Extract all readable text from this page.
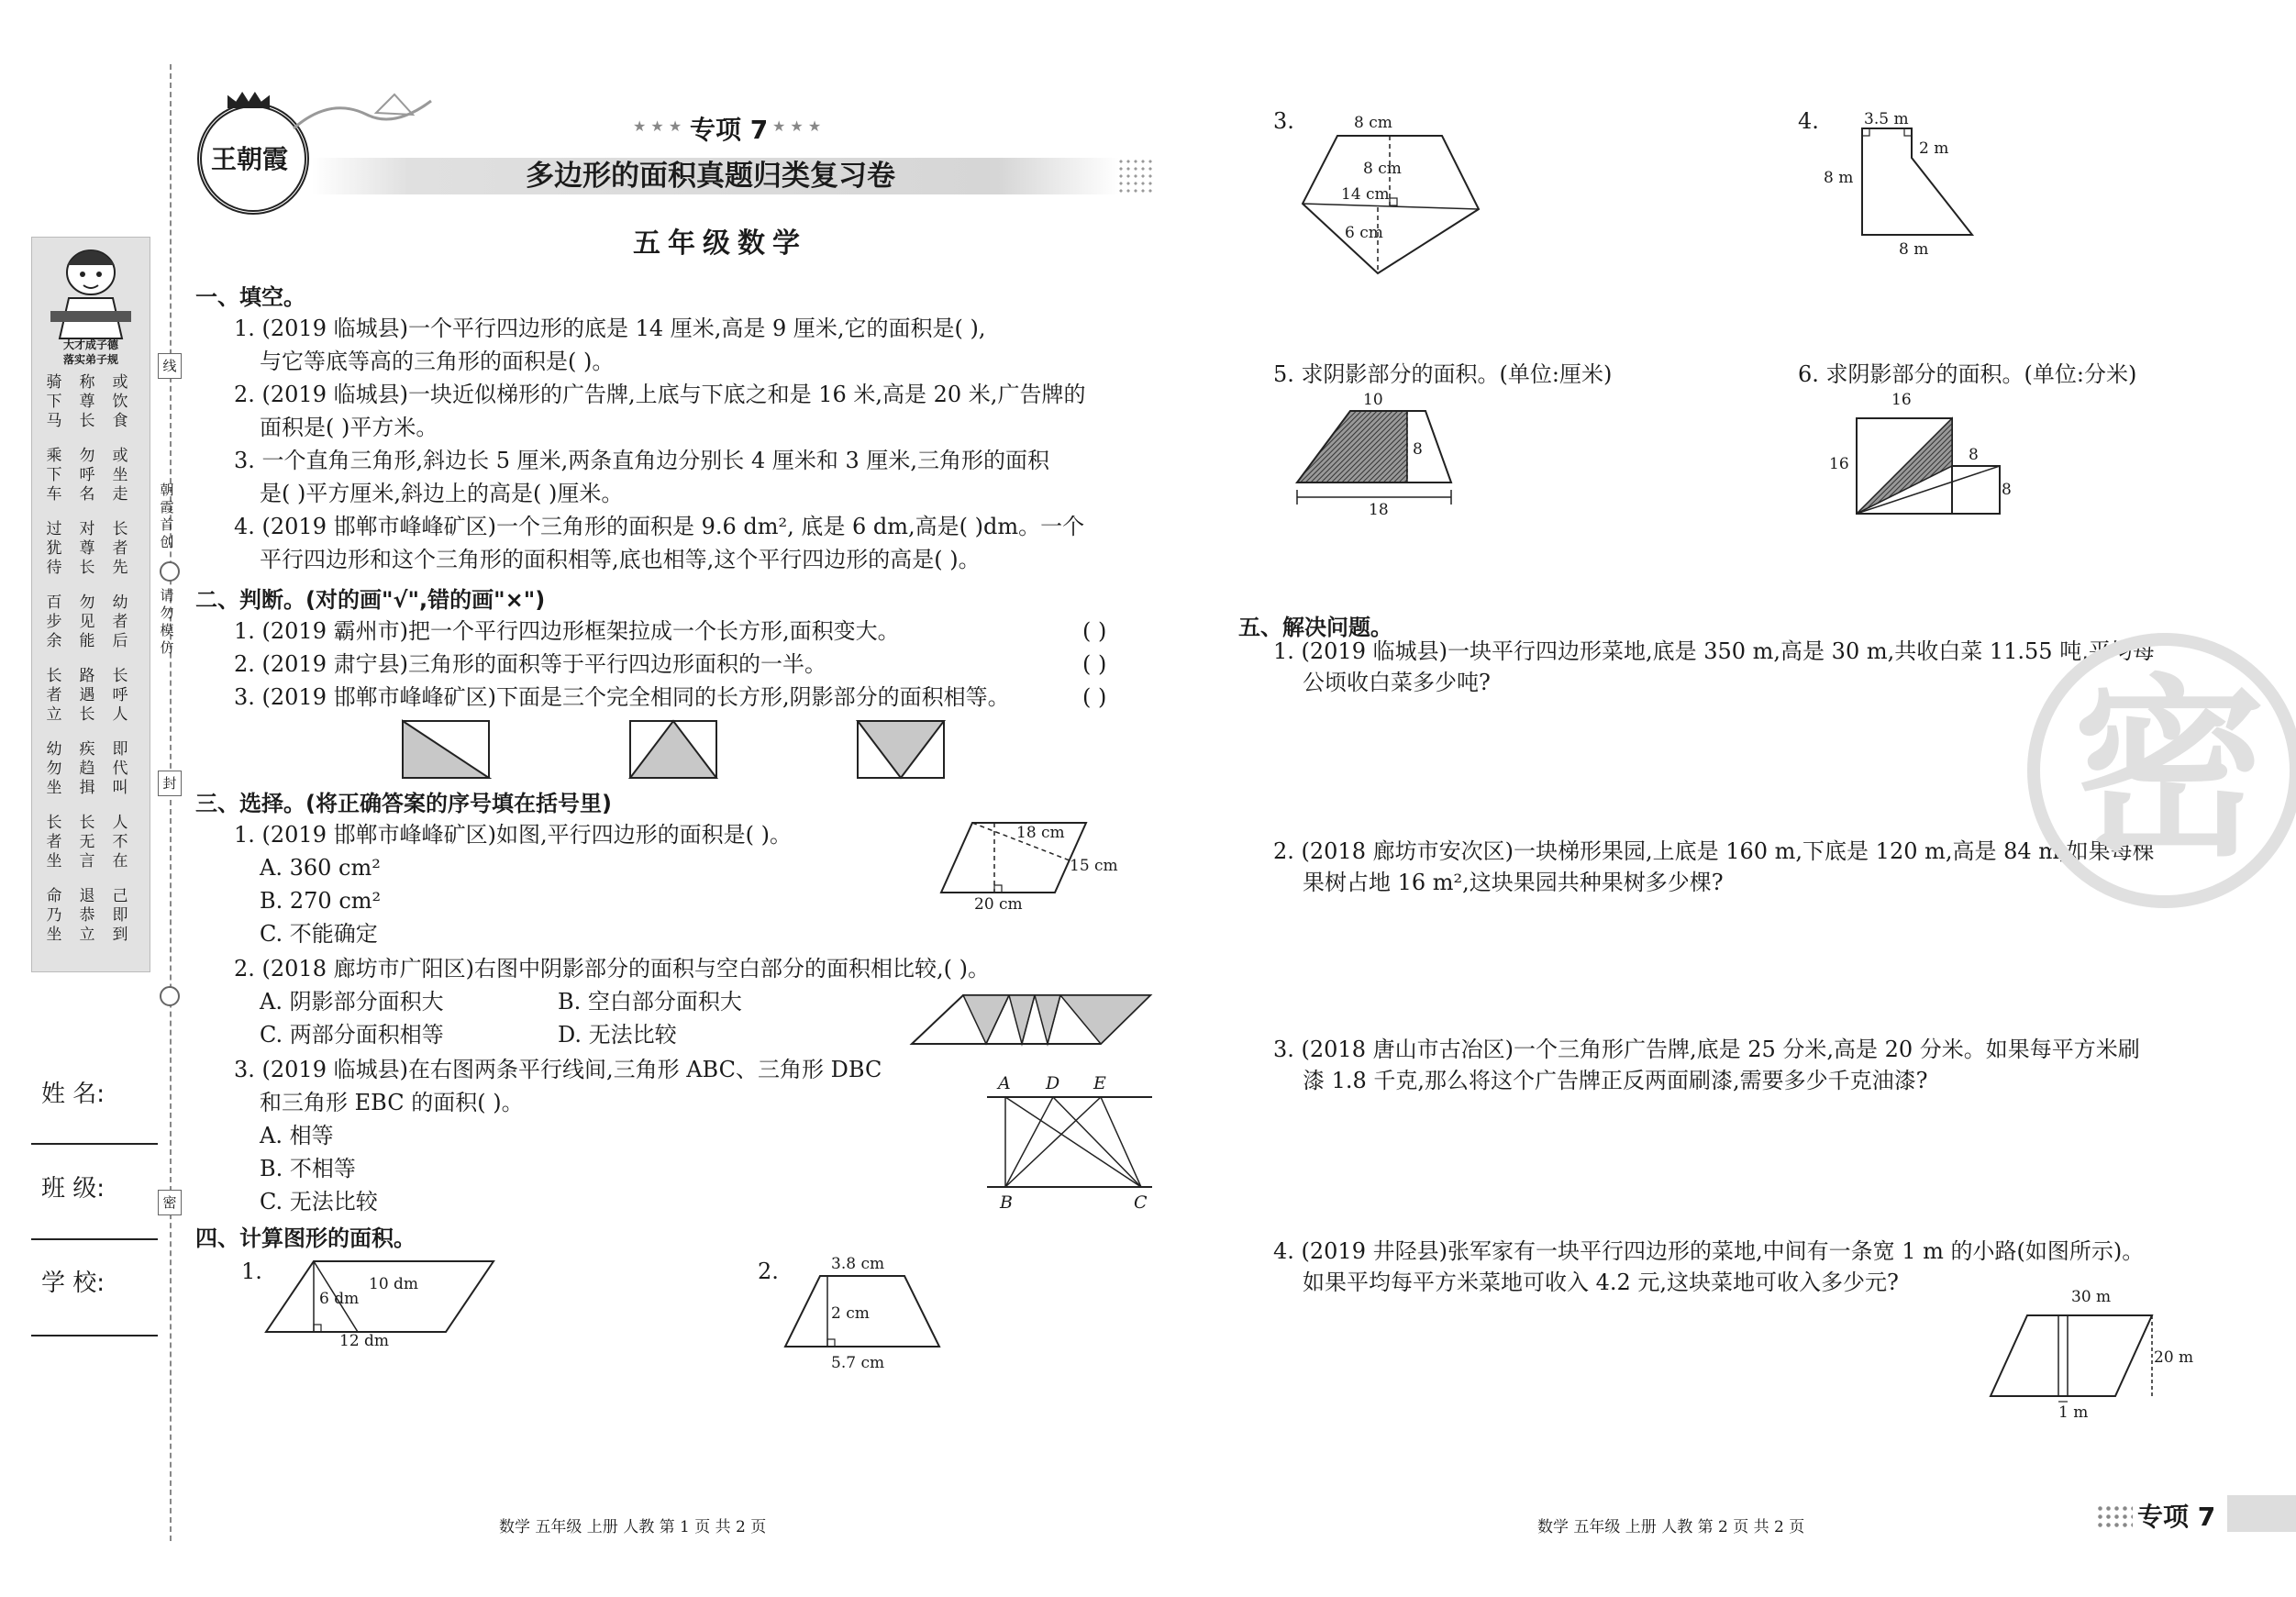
线
朝霞首创
请勿模仿
封
密
大才成子德
落实弟子规
骑下马
乘下车
过犹待
百步余
长者立
幼勿坐
长者坐
命乃坐
称尊长
勿呼名
对尊长
勿见能
路遇长
疾趋揖
长无言
退恭立
或饮食
或坐走
长者先
幼者后
长呼人
即代叫
人不在
己即到
姓 名:
班 级:
学 校:
王朝霞
★ ★ ★ 专项 7 ★ ★ ★
多边形的面积真题归类复习卷
五年级数学
一、填空。
1. (2019 临城县)一个平行四边形的底是 14 厘米,高是 9 厘米,它的面积是( ),
与它等底等高的三角形的面积是( )。
2. (2019 临城县)一块近似梯形的广告牌,上底与下底之和是 16 米,高是 20 米,广告牌的
面积是( )平方米。
3. 一个直角三角形,斜边长 5 厘米,两条直角边分别长 4 厘米和 3 厘米,三角形的面积
是( )平方厘米,斜边上的高是( )厘米。
4. (2019 邯郸市峰峰矿区)一个三角形的面积是 9.6 dm², 底是 6 dm,高是( )dm。一个
平行四边形和这个三角形的面积相等,底也相等,这个平行四边形的高是( )。
二、判断。(对的画"√",错的画"×")
1. (2019 霸州市)把一个平行四边形框架拉成一个长方形,面积变大。	( )
2. (2019 肃宁县)三角形的面积等于平行四边形面积的一半。	( )
3. (2019 邯郸市峰峰矿区)下面是三个完全相同的长方形,阴影部分的面积相等。	( )
三、选择。(将正确答案的序号填在括号里)
1. (2019 邯郸市峰峰矿区)如图,平行四边形的面积是( )。
A. 360 cm²
B. 270 cm²
C. 不能确定
18 cm
15 cm
20 cm
2. (2018 廊坊市广阳区)右图中阴影部分的面积与空白部分的面积相比较,( )。
A. 阴影部分面积大	B. 空白部分面积大
C. 两部分面积相等	D. 无法比较
3. (2019 临城县)在右图两条平行线间,三角形 ABC、三角形 DBC
和三角形 EBC 的面积( )。
A. 相等
B. 不相等
C. 无法比较
A D E
B	C
四、计算图形的面积。
1.
6 dm
10 dm
12 dm
2.	3.8 cm
2 cm
5.7 cm
3.	8 cm
8 cm
14 cm
6 cm
4.	3.5 m
2 m
8 m
8 m
5. 求阴影部分的面积。(单位:厘米)
10
8
18
6. 求阴影部分的面积。(单位:分米)
16
16	8
8
五、解决问题。
1. (2019 临城县)一块平行四边形菜地,底是 350 m,高是 30 m,共收白菜 11.55 吨,平均每
公顷收白菜多少吨?
2. (2018 廊坊市安次区)一块梯形果园,上底是 160 m,下底是 120 m,高是 84 m,如果每棵
果树占地 16 m²,这块果园共种果树多少棵?
3. (2018 唐山市古冶区)一个三角形广告牌,底是 25 分米,高是 20 分米。如果每平方米刷
漆 1.8 千克,那么将这个广告牌正反两面刷漆,需要多少千克油漆?
4. (2019 井陉县)张军家有一块平行四边形的菜地,中间有一条宽 1 m 的小路(如图所示)。
如果平均每平方米菜地可收入 4.2 元,这块菜地可收入多少元?
30 m
20 m
1 m
密
数学 五年级 上册 人教 第 1 页 共 2 页	数学 五年级 上册 人教 第 2 页 共 2 页	专项 7
